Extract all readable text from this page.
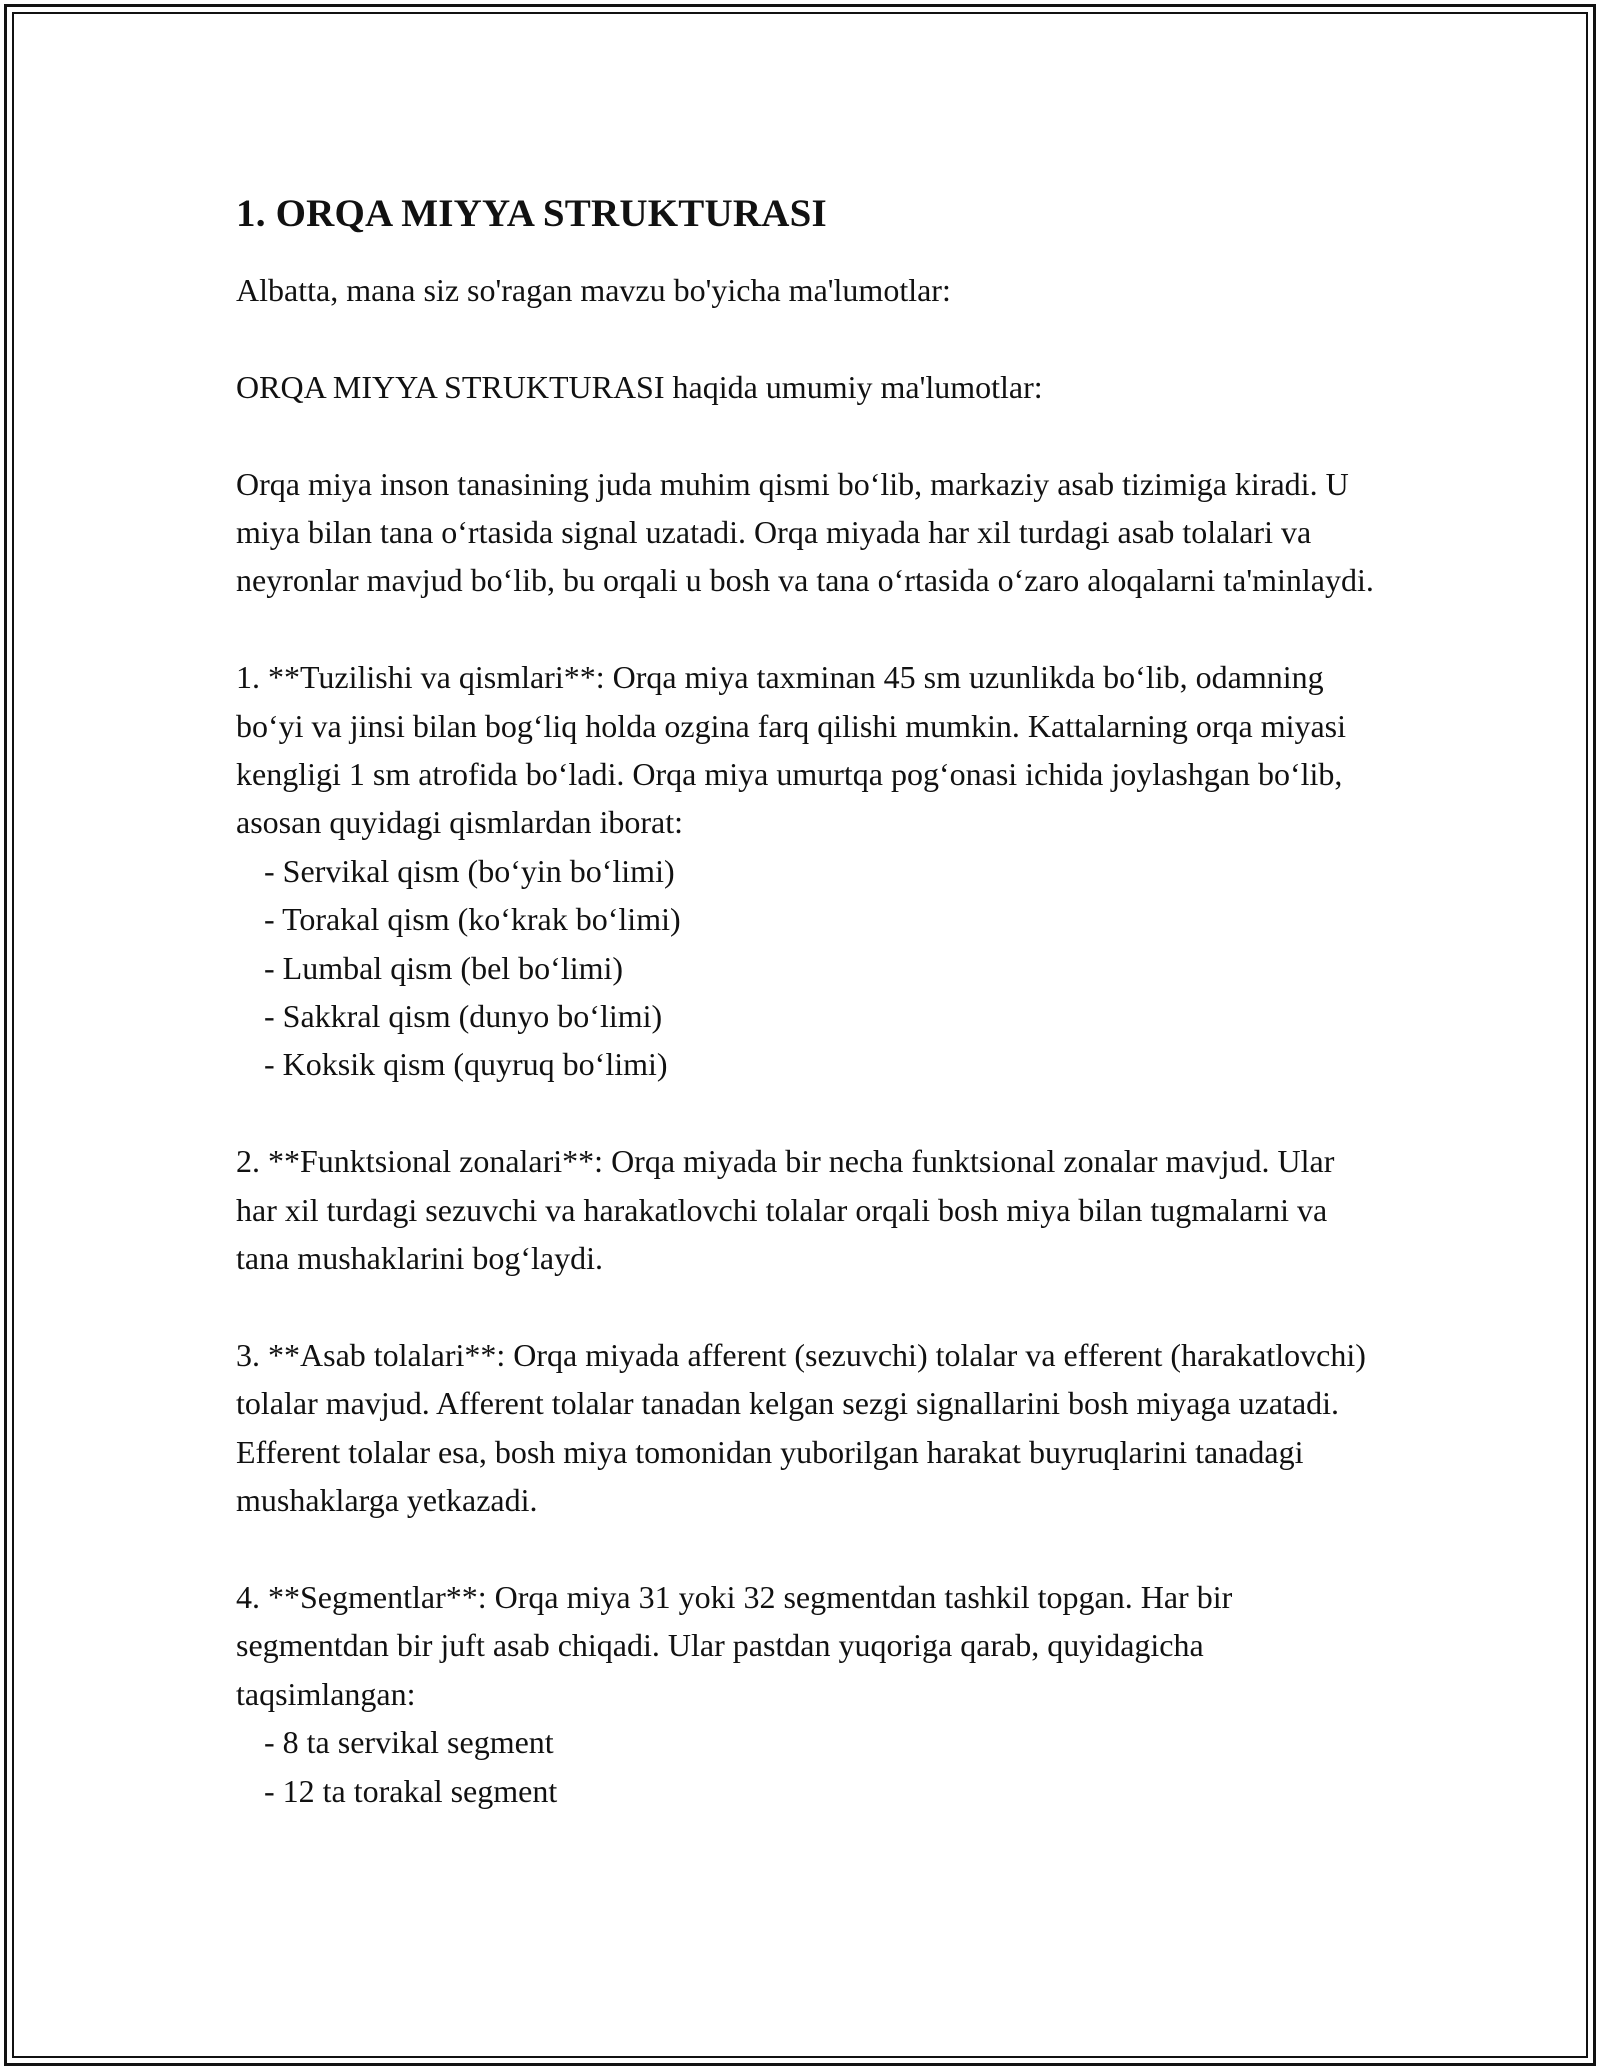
1. ORQA MIYYA STRUKTURASI

Albatta, mana siz so'ragan mavzu bo'yicha ma'lumotlar:

ORQA MIYYA STRUKTURASI haqida umumiy ma'lumotlar:

Orqa miya inson tanasining juda muhim qismi bo‘lib, markaziy asab tizimiga kiradi. U miya bilan tana o‘rtasida signal uzatadi. Orqa miyada har xil turdagi asab tolalari va neyronlar mavjud bo‘lib, bu orqali u bosh va tana o‘rtasida o‘zaro aloqalarni ta'minlaydi.

1. **Tuzilishi va qismlari**: Orqa miya taxminan 45 sm uzunlikda bo‘lib, odamning bo‘yi va jinsi bilan bog‘liq holda ozgina farq qilishi mumkin. Kattalarning orqa miyasi kengligi 1 sm atrofida bo‘ladi. Orqa miya umurtqa pog‘onasi ichida joylashgan bo‘lib, asosan quyidagi qismlardan iborat:

- Servikal qism (bo‘yin bo‘limi)

- Torakal qism (ko‘krak bo‘limi)

- Lumbal qism (bel bo‘limi)

- Sakkral qism (dunyo bo‘limi)

- Koksik qism (quyruq bo‘limi)

2. **Funktsional zonalari**: Orqa miyada bir necha funktsional zonalar mavjud. Ular har xil turdagi sezuvchi va harakatlovchi tolalar orqali bosh miya bilan tugmalarni va tana mushaklarini bog‘laydi.

3. **Asab tolalari**: Orqa miyada afferent (sezuvchi) tolalar va efferent (harakatlovchi) tolalar mavjud. Afferent tolalar tanadan kelgan sezgi signallarini bosh miyaga uzatadi. Efferent tolalar esa, bosh miya tomonidan yuborilgan harakat buyruqlarini tanadagi mushaklarga yetkazadi.

4. **Segmentlar**: Orqa miya 31 yoki 32 segmentdan tashkil topgan. Har bir segmentdan bir juft asab chiqadi. Ular pastdan yuqoriga qarab, quyidagicha taqsimlangan:

- 8 ta servikal segment

- 12 ta torakal segment
